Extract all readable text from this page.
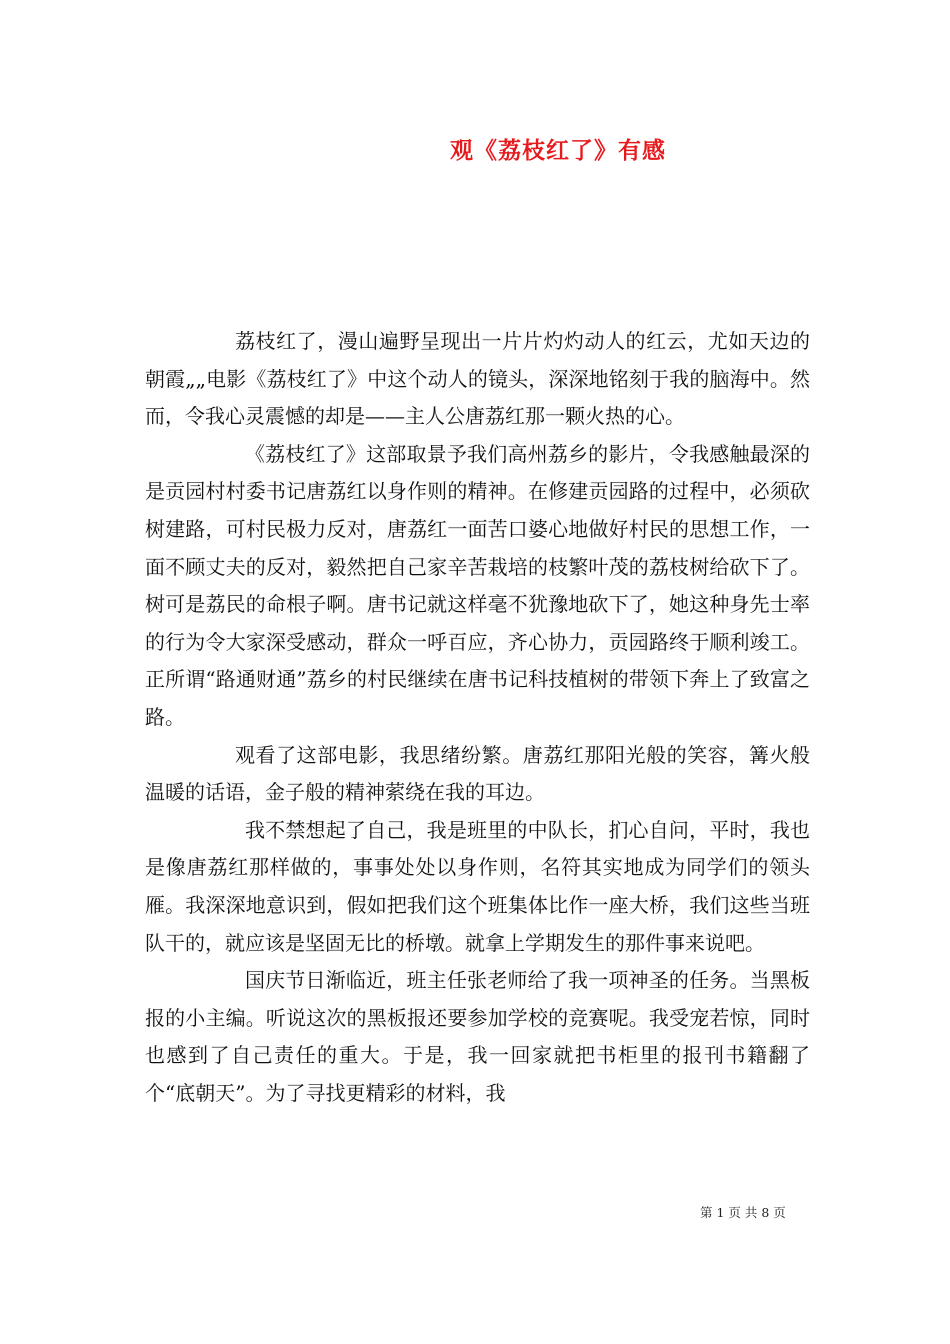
观《荔枝红了》有感

荔枝红了，漫山遍野呈现出一片片灼灼动人的红云，尤如天边的朝霞„„电影《荔枝红了》中这个动人的镜头，深深地铭刻于我的脑海中。然而，令我心灵震憾的却是——主人公唐荔红那一颗火热的心。

《荔枝红了》这部取景予我们高州荔乡的影片，令我感触最深的是贡园村村委书记唐荔红以身作则的精神。在修建贡园路的过程中，必须砍树建路，可村民极力反对，唐荔红一面苦口婆心地做好村民的思想工作，一面不顾丈夫的反对，毅然把自己家辛苦栽培的枝繁叶茂的荔枝树给砍下了。树可是荔民的命根子啊。唐书记就这样毫不犹豫地砍下了，她这种身先士率的行为令大家深受感动，群众一呼百应，齐心协力，贡园路终于顺利竣工。正所谓“路通财通”荔乡的村民继续在唐书记科技植树的带领下奔上了致富之路。

观看了这部电影，我思绪纷繁。唐荔红那阳光般的笑容，篝火般温暖的话语，金子般的精神萦绕在我的耳边。

我不禁想起了自己，我是班里的中队长，扪心自问，平时，我也是像唐荔红那样做的，事事处处以身作则，名符其实地成为同学们的领头雁。我深深地意识到，假如把我们这个班集体比作一座大桥，我们这些当班队干的，就应该是坚固无比的桥墩。就拿上学期发生的那件事来说吧。

国庆节日渐临近，班主任张老师给了我一项神圣的任务。当黑板报的小主编。听说这次的黑板报还要参加学校的竞赛呢。我受宠若惊，同时也感到了自己责任的重大。于是，我一回家就把书柜里的报刊书籍翻了个“底朝天”。为了寻找更精彩的材料，我

第 1 页 共 8 页
